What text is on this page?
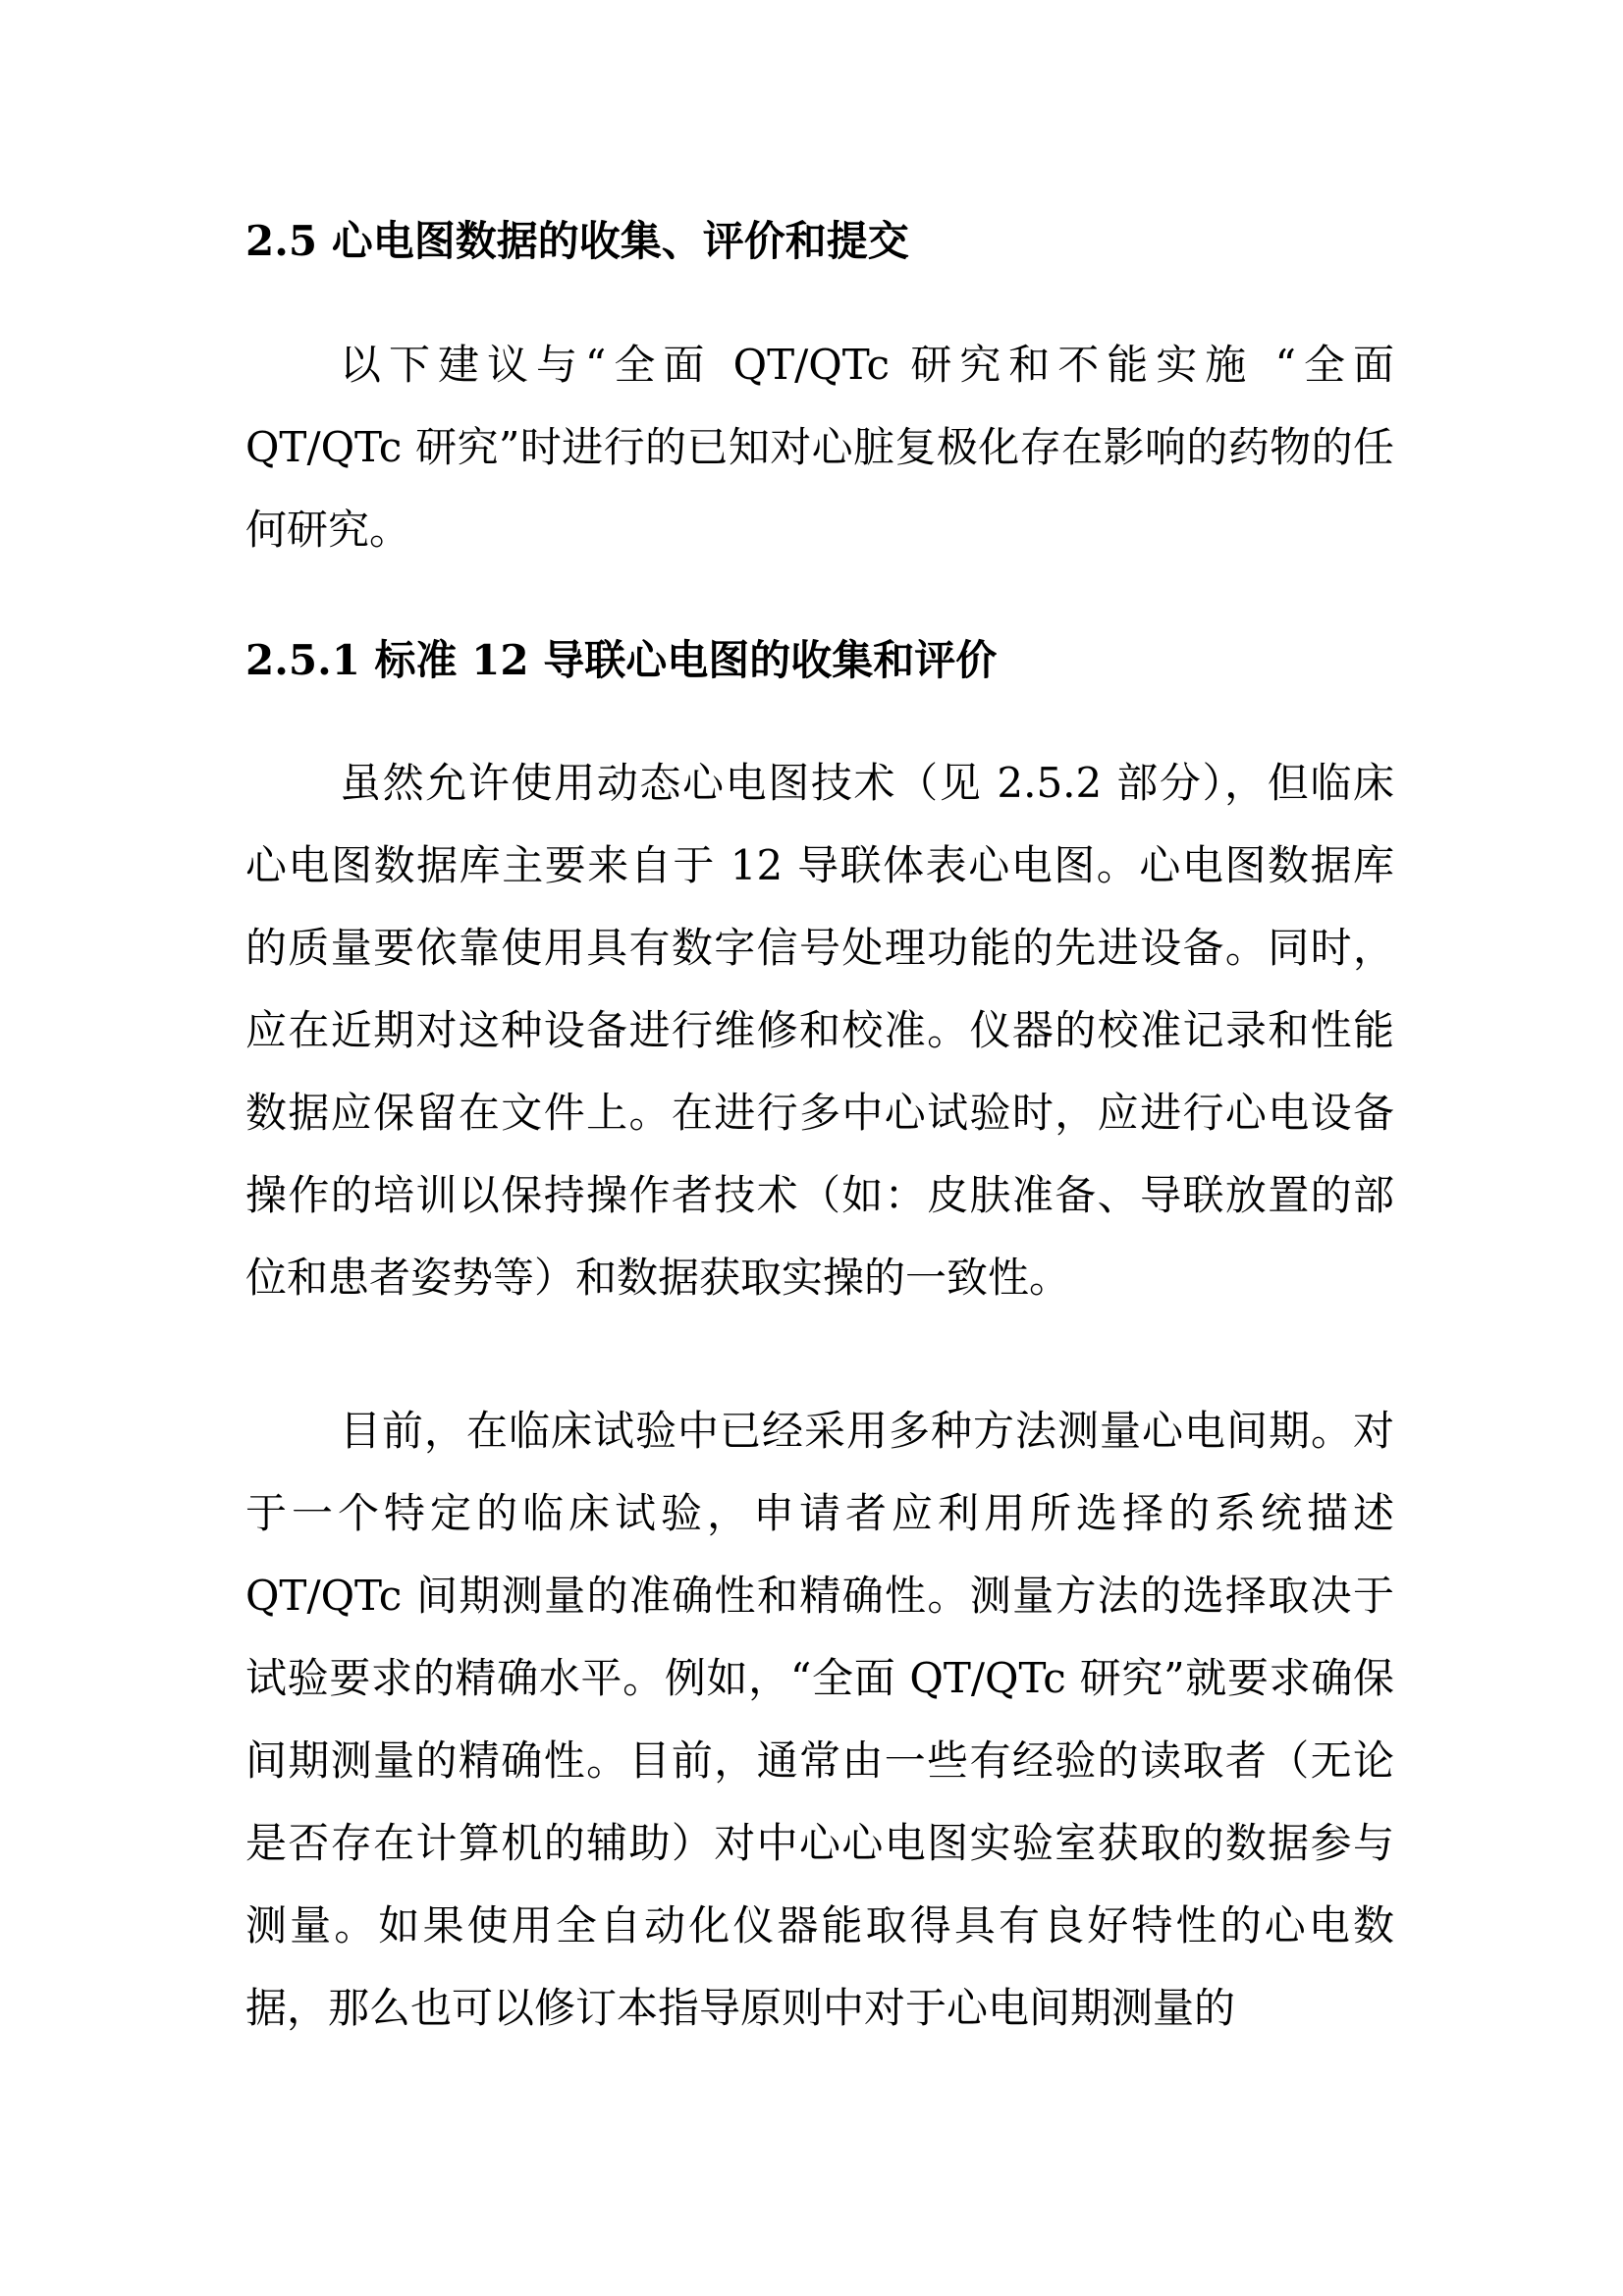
2.5 心电图数据的收集、评价和提交

以下建议与“全面 QT/QTc 研究和不能实施 “全面 QT/QTc 研究”时进行的已知对心脏复极化存在影响的药物的任何研究。

2.5.1 标准 12 导联心电图的收集和评价

虽然允许使用动态心电图技术（见 2.5.2 部分），但临床心电图数据库主要来自于 12 导联体表心电图。心电图数据库的质量要依靠使用具有数字信号处理功能的先进设备。同时，应在近期对这种设备进行维修和校准。仪器的校准记录和性能数据应保留在文件上。在进行多中心试验时，应进行心电设备操作的培训以保持操作者技术（如：皮肤准备、导联放置的部位和患者姿势等）和数据获取实操的一致性。

目前，在临床试验中已经采用多种方法测量心电间期。对于一个特定的临床试验，申请者应利用所选择的系统描述 QT/QTc 间期测量的准确性和精确性。测量方法的选择取决于试验要求的精确水平。例如，“全面 QT/QTc 研究”就要求确保间期测量的精确性。目前，通常由一些有经验的读取者（无论是否存在计算机的辅助）对中心心电图实验室获取的数据参与测量。如果使用全自动化仪器能取得具有良好特性的心电数据，那么也可以修订本指导原则中对于心电间期测量的
